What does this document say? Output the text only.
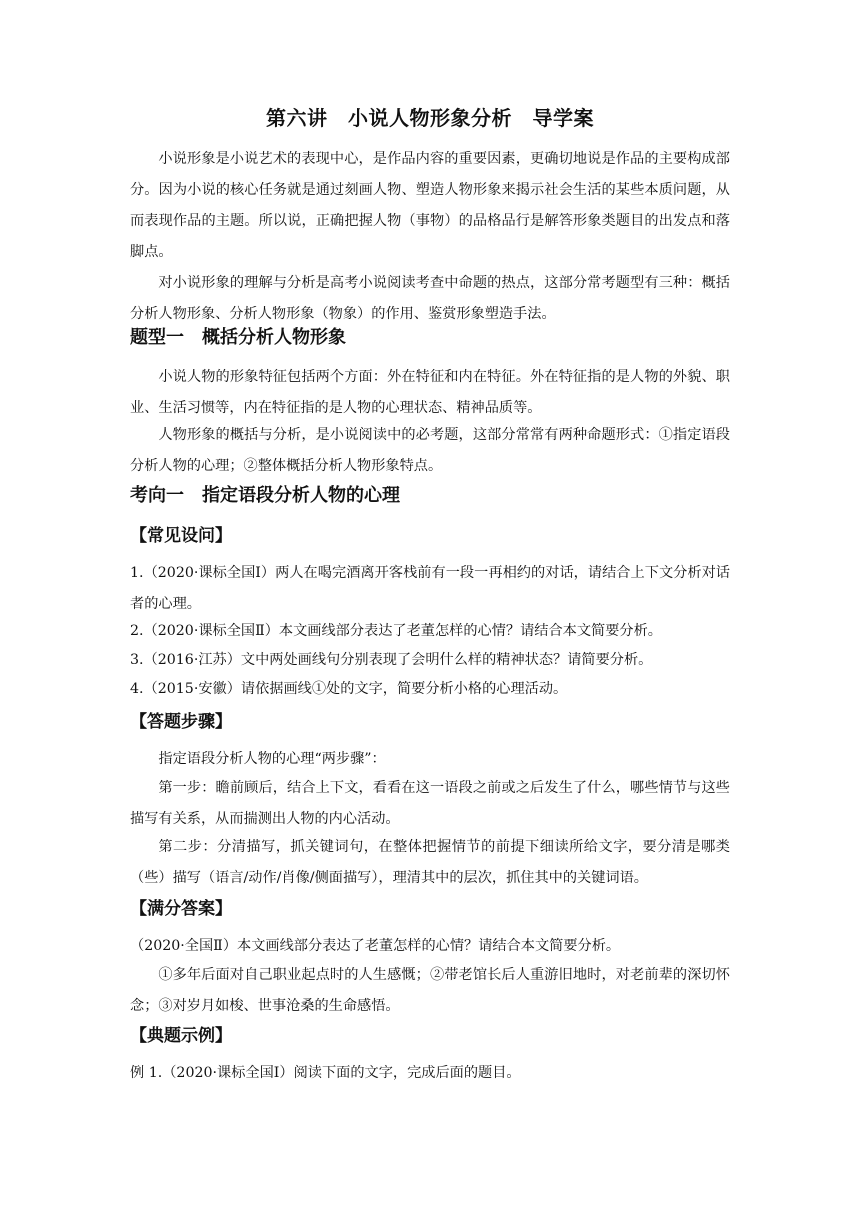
第六讲　小说人物形象分析　导学案

小说形象是小说艺术的表现中心，是作品内容的重要因素，更确切地说是作品的主要构成部分。因为小说的核心任务就是通过刻画人物、塑造人物形象来揭示社会生活的某些本质问题，从而表现作品的主题。所以说，正确把握人物（事物）的品格品行是解答形象类题目的出发点和落脚点。

对小说形象的理解与分析是高考小说阅读考查中命题的热点，这部分常考题型有三种：概括分析人物形象、分析人物形象（物象）的作用、鉴赏形象塑造手法。

题型一　概括分析人物形象

小说人物的形象特征包括两个方面：外在特征和内在特征。外在特征指的是人物的外貌、职业、生活习惯等，内在特征指的是人物的心理状态、精神品质等。

人物形象的概括与分析，是小说阅读中的必考题，这部分常常有两种命题形式：①指定语段分析人物的心理；②整体概括分析人物形象特点。

考向一　指定语段分析人物的心理
【常见设问】

1.（2020·课标全国Ⅰ）两人在喝完酒离开客栈前有一段一再相约的对话，请结合上下文分析对话者的心理。

2.（2020·课标全国Ⅱ）本文画线部分表达了老董怎样的心情？请结合本文简要分析。

3.（2016·江苏）文中两处画线句分别表现了会明什么样的精神状态？请简要分析。

4.（2015·安徽）请依据画线①处的文字，简要分析小格的心理活动。

【答题步骤】

指定语段分析人物的心理“两步骤”：

第一步：瞻前顾后，结合上下文，看看在这一语段之前或之后发生了什么，哪些情节与这些描写有关系，从而揣测出人物的内心活动。

第二步：分清描写，抓关键词句，在整体把握情节的前提下细读所给文字，要分清是哪类（些）描写（语言/动作/肖像/侧面描写），理清其中的层次，抓住其中的关键词语。

【满分答案】

（2020·全国Ⅱ）本文画线部分表达了老董怎样的心情？请结合本文简要分析。

①多年后面对自己职业起点时的人生感慨；②带老馆长后人重游旧地时，对老前辈的深切怀念；③对岁月如梭、世事沧桑的生命感悟。

【典题示例】

例 1.（2020·课标全国Ⅰ）阅读下面的文字，完成后面的题目。
